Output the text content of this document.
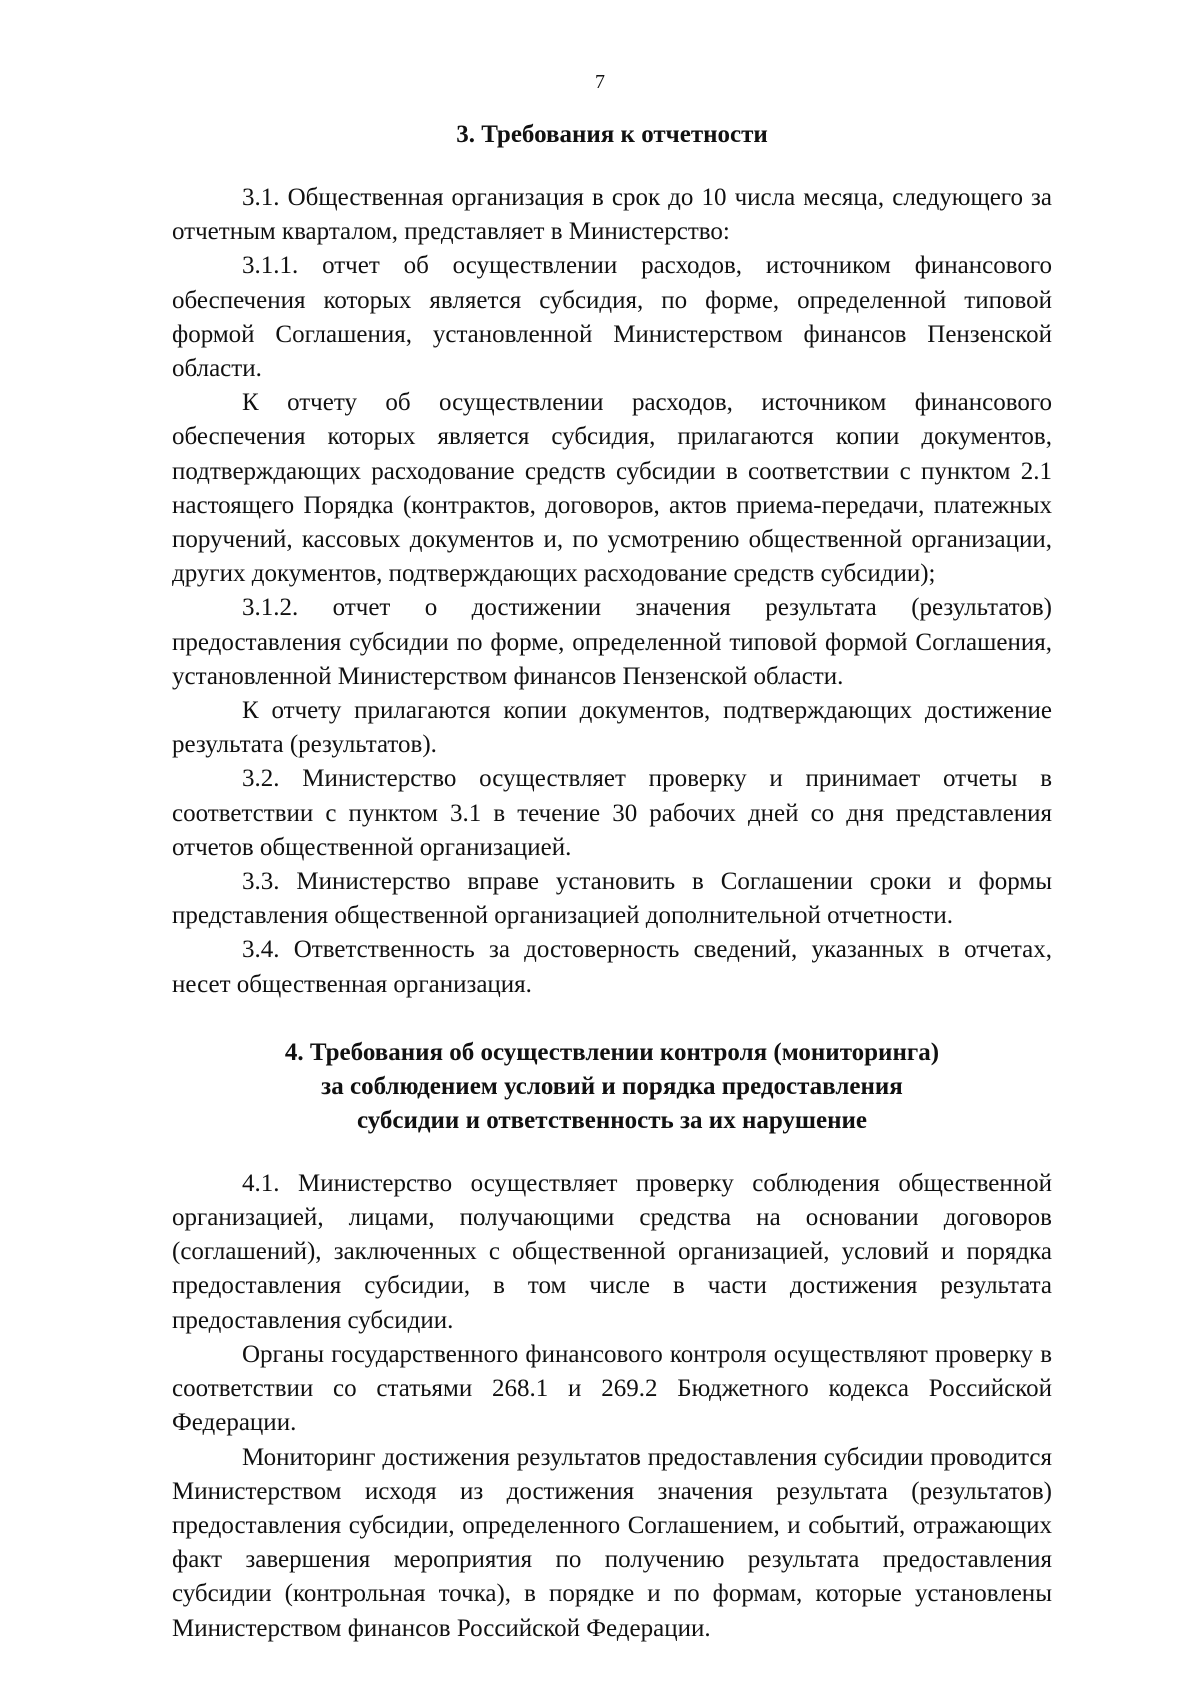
7
3. Требования к отчетности

3.1. Общественная организация в срок до 10 числа месяца, следующего за отчетным кварталом, представляет в Министерство:

3.1.1. отчет об осуществлении расходов, источником финансового обеспечения которых является субсидия, по форме, определенной типовой формой Соглашения, установленной Министерством финансов Пензенской области.

К отчету об осуществлении расходов, источником финансового обеспечения которых является субсидия, прилагаются копии документов, подтверждающих расходование средств субсидии в соответствии с пунктом 2.1 настоящего Порядка (контрактов, договоров, актов приема-передачи, платежных поручений, кассовых документов и, по усмотрению общественной организации, других документов, подтверждающих расходование средств субсидии);

3.1.2. отчет о достижении значения результата (результатов) предоставления субсидии по форме, определенной типовой формой Соглашения, установленной Министерством финансов Пензенской области.

К отчету прилагаются копии документов, подтверждающих достижение результата (результатов).

3.2. Министерство осуществляет проверку и принимает отчеты в соответствии с пунктом 3.1 в течение 30 рабочих дней со дня представления отчетов общественной организацией.

3.3. Министерство вправе установить в Соглашении сроки и формы представления общественной организацией дополнительной отчетности.

3.4. Ответственность за достоверность сведений, указанных в отчетах, несет общественная организация.

4. Требования об осуществлении контроля (мониторинга)
за соблюдением условий и порядка предоставления
субсидии и ответственность за их нарушение

4.1. Министерство осуществляет проверку соблюдения общественной организацией, лицами, получающими средства на основании договоров (соглашений), заключенных с общественной организацией, условий и порядка предоставления субсидии, в том числе в части достижения результата предоставления субсидии.

Органы государственного финансового контроля осуществляют проверку в соответствии со статьями 268.1 и 269.2 Бюджетного кодекса Российской Федерации.

Мониторинг достижения результатов предоставления субсидии проводится Министерством исходя из достижения значения результата (результатов) предоставления субсидии, определенного Соглашением, и событий, отражающих факт завершения мероприятия по получению результата предоставления субсидии (контрольная точка), в порядке и по формам, которые установлены Министерством финансов Российской Федерации.
